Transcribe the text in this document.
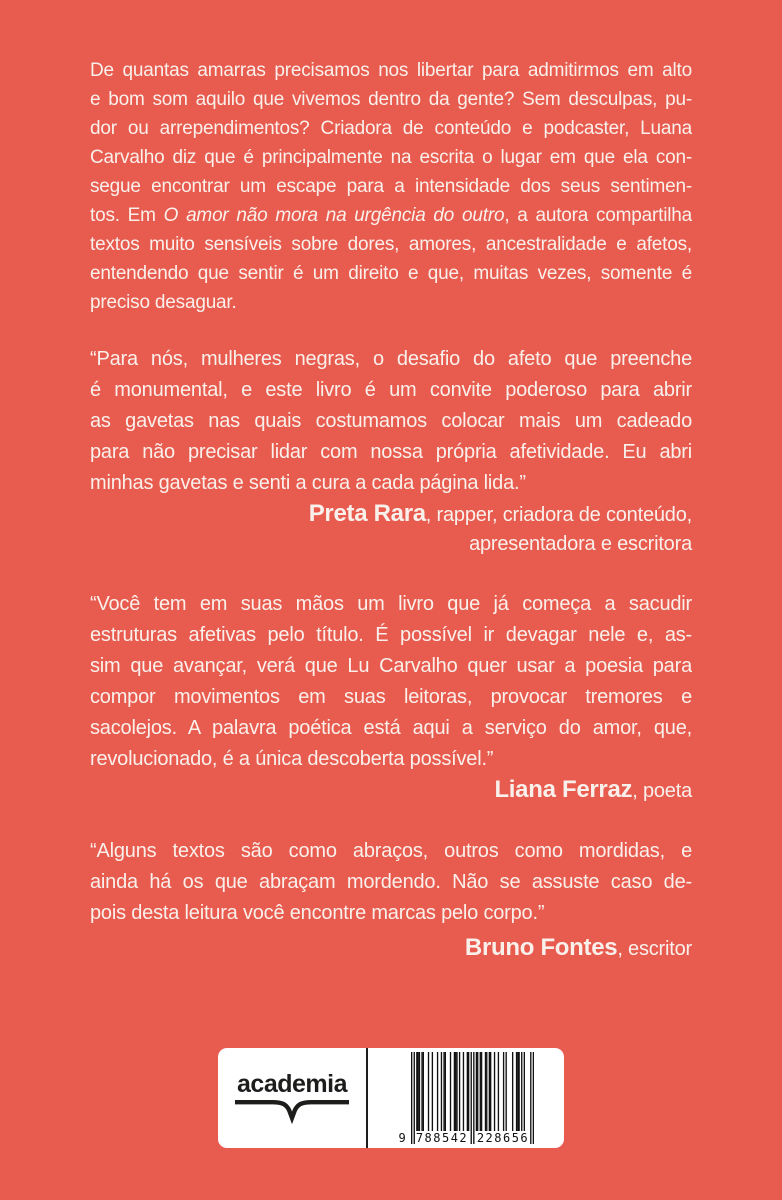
De quantas amarras precisamos nos libertar para admitirmos em alto
e bom som aquilo que vivemos dentro da gente? Sem desculpas, pu-
dor ou arrependimentos? Criadora de conteúdo e podcaster, Luana
Carvalho diz que é principalmente na escrita o lugar em que ela con-
segue encontrar um escape para a intensidade dos seus sentimen-
tos. Em O amor não mora na urgência do outro, a autora compartilha
textos muito sensíveis sobre dores, amores, ancestralidade e afetos,
entendendo que sentir é um direito e que, muitas vezes, somente é
preciso desaguar.
“Para nós, mulheres negras, o desafio do afeto que preenche
é monumental, e este livro é um convite poderoso para abrir
as gavetas nas quais costumamos colocar mais um cadeado
para não precisar lidar com nossa própria afetividade. Eu abri
minhas gavetas e senti a cura a cada página lida.”
Preta Rara, rapper, criadora de conteúdo,
apresentadora e escritora
“Você tem em suas mãos um livro que já começa a sacudir
estruturas afetivas pelo título. É possível ir devagar nele e, as-
sim que avançar, verá que Lu Carvalho quer usar a poesia para
compor movimentos em suas leitoras, provocar tremores e
sacolejos. A palavra poética está aqui a serviço do amor, que,
revolucionado, é a única descoberta possível.”
Liana Ferraz, poeta
“Alguns textos são como abraços, outros como mordidas, e
ainda há os que abraçam mordendo. Não se assuste caso de-
pois desta leitura você encontre marcas pelo corpo.”
Bruno Fontes, escritor
academia
9 788542 228656
